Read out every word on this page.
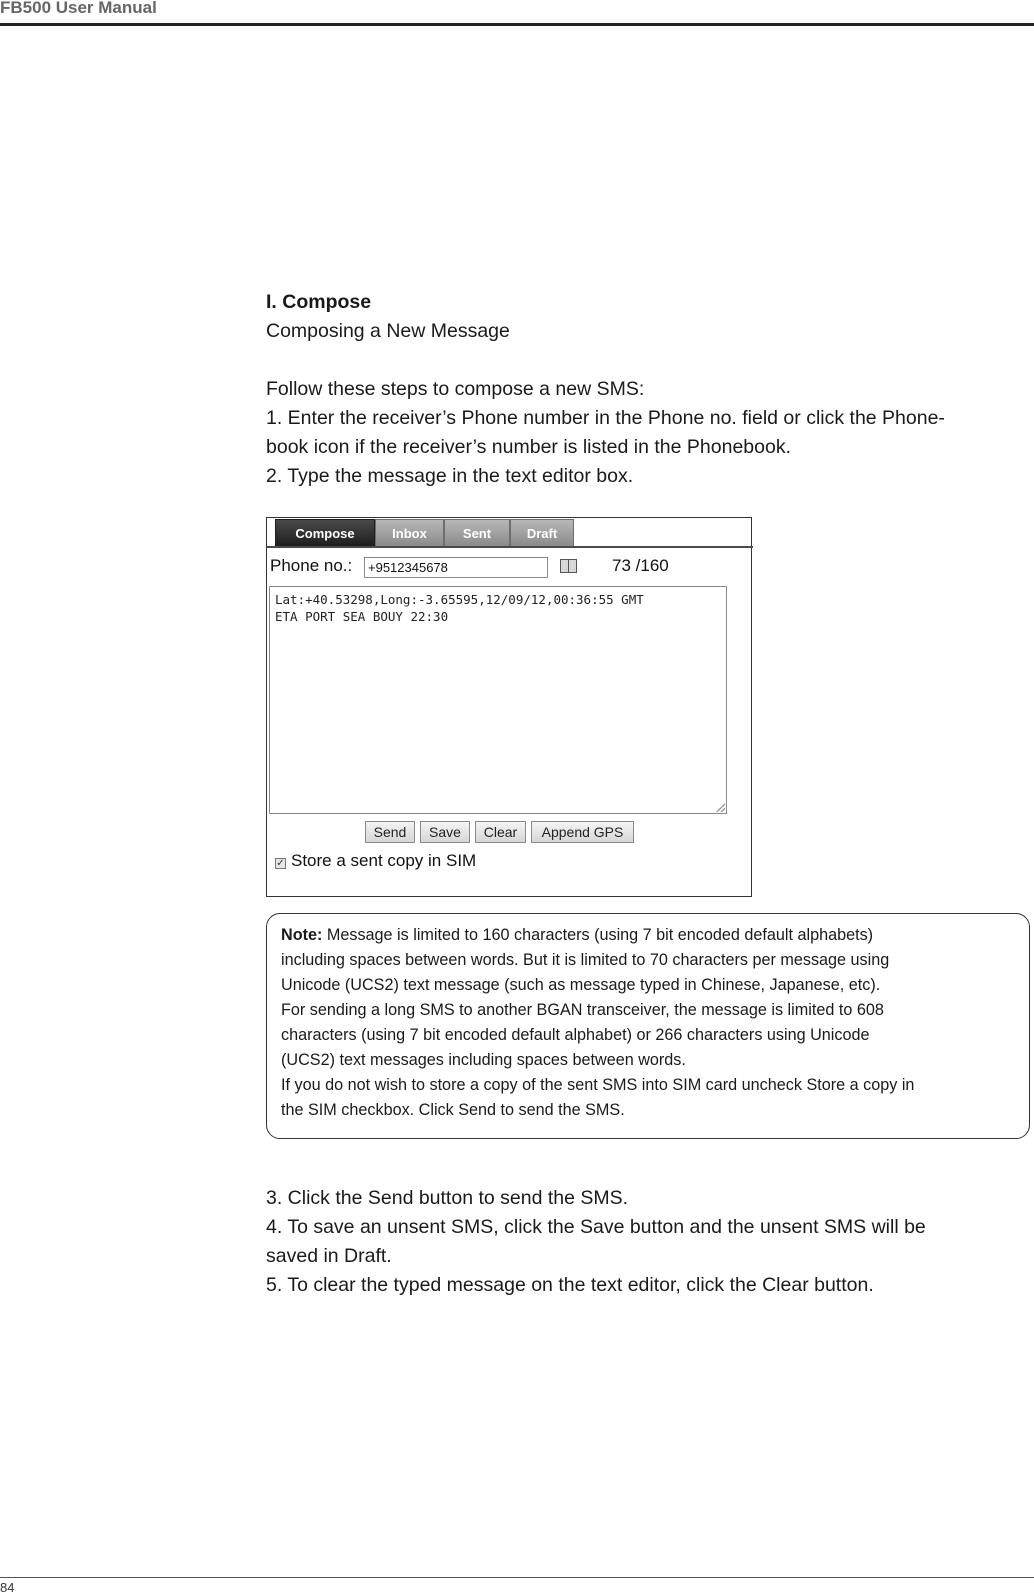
FB500 User Manual

I. Compose

Composing a New Message

Follow these steps to compose a new SMS:

1. Enter the receiver’s Phone number in the Phone no. field or click the Phone-

book icon if the receiver’s number is listed in the Phonebook.

2. Type the message in the text editor box.

Compose	Inbox	Sent	Draft
Phone no.:
+9512345678	73 /160
Lat:+40.53298,Long:-3.65595,12/09/12,00:36:55 GMT
ETA PORT SEA BOUY 22:30
Send	Save	Clear	Append GPS
✓ Store a sent copy in SIM

Note: Message is limited to 160 characters (using 7 bit encoded default alphabets)
including spaces between words. But it is limited to 70 characters per message using
Unicode (UCS2) text message (such as message typed in Chinese, Japanese, etc).
For sending a long SMS to another BGAN transceiver, the message is limited to 608
characters (using 7 bit encoded default alphabet) or 266 characters using Unicode
(UCS2) text messages including spaces between words.
If you do not wish to store a copy of the sent SMS into SIM card uncheck Store a copy in
the SIM checkbox. Click Send to send the SMS.

3. Click the Send button to send the SMS.

4. To save an unsent SMS, click the Save button and the unsent SMS will be

saved in Draft.

5. To clear the typed message on the text editor, click the Clear button.

84
